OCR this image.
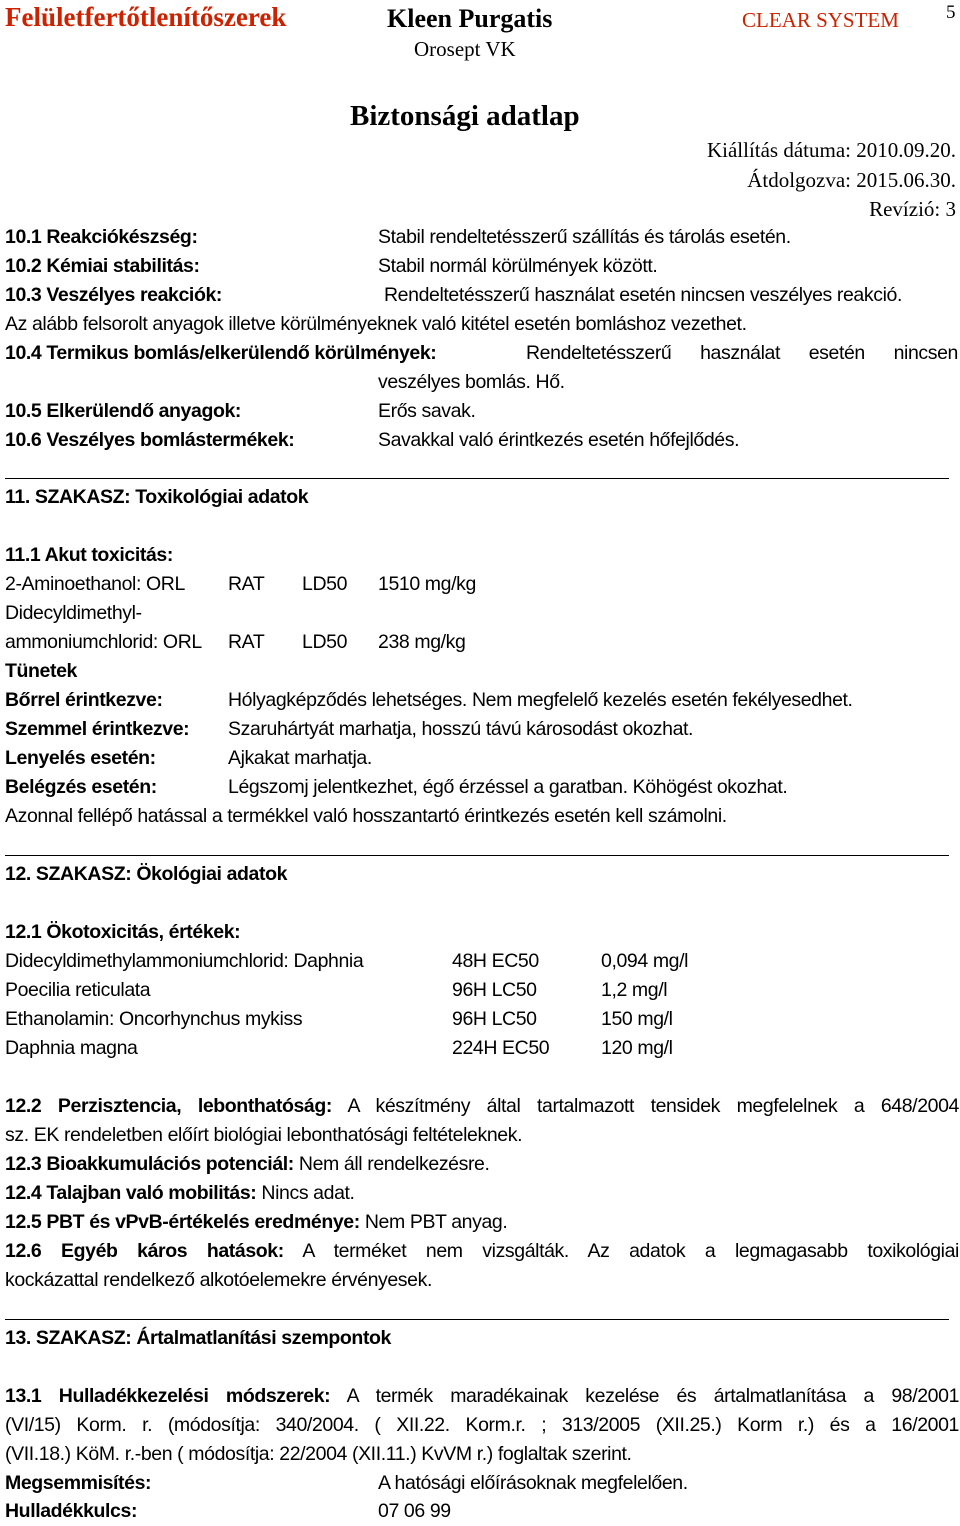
Felületfertőtlenítőszerek	Kleen Purgatis
Orosept VK
CLEAR SYSTEM 5
Biztonsági adatlap
Kiállítás dátuma: 2010.09.20.
Átdolgozva: 2015.06.30.
Revízió: 3
10.1 Reakciókészség:	Stabil rendeltetésszerű szállítás és tárolás esetén.
10.2 Kémiai stabilitás:	Stabil normál körülmények között.
10.3 Veszélyes reakciók:	Rendeltetésszerű használat esetén nincsen veszélyes reakció.
Az alább felsorolt anyagok illetve körülményeknek való kitétel esetén bomláshoz vezethet.
10.4 Termikus bomlás/elkerülendő körülmények:	Rendeltetésszerű használat esetén nincsen
veszélyes bomlás. Hő.
10.5 Elkerülendő anyagok:	Erős savak.
10.6 Veszélyes bomlástermékek:	Savakkal való érintkezés esetén hőfejlődés.
11. SZAKASZ: Toxikológiai adatok
11.1 Akut toxicitás:
2-Aminoethanol: ORL RAT LD50 1510 mg/kg
Didecyldimethyl-
ammoniumchlorid: ORL RAT LD50 238 mg/kg
Tünetek
Bőrrel érintkezve:	Hólyagképződés lehetséges. Nem megfelelő kezelés esetén fekélyesedhet.
Szemmel érintkezve: Szaruhártyát marhatja, hosszú távú károsodást okozhat.
Lenyelés esetén:	Ajkakat marhatja.
Belégzés esetén:	Légszomj jelentkezhet, égő érzéssel a garatban. Köhögést okozhat.
Azonnal fellépő hatással a termékkel való hosszantartó érintkezés esetén kell számolni.
12. SZAKASZ: Ökológiai adatok
12.1 Ökotoxicitás, értékek:
Didecyldimethylammoniumchlorid: Daphnia	48H EC50	0,094 mg/l
Poecilia reticulata	96H LC50	1,2 mg/l
Ethanolamin: Oncorhynchus mykiss	96H LC50	150 mg/l
Daphnia magna	224H EC50	120 mg/l
12.2 Perzisztencia, lebonthatóság: A készítmény által tartalmazott tensidek megfelelnek a 648/2004
sz. EK rendeletben előírt biológiai lebonthatósági feltételeknek.
12.3 Bioakkumulációs potenciál: Nem áll rendelkezésre.
12.4 Talajban való mobilitás: Nincs adat.
12.5 PBT és vPvB-értékelés eredménye: Nem PBT anyag.
12.6 Egyéb káros hatások: A terméket nem vizsgálták. Az adatok a legmagasabb toxikológiai
kockázattal rendelkező alkotóelemekre érvényesek.
13. SZAKASZ: Ártalmatlanítási szempontok
13.1 Hulladékkezelési módszerek: A termék maradékainak kezelése és ártalmatlanítása a 98/2001
(VI/15) Korm. r. (módosítja: 340/2004. ( XII.22. Korm.r. ; 313/2005 (XII.25.) Korm r.) és a 16/2001
(VII.18.) KöM. r.-ben ( módosítja: 22/2004 (XII.11.) KvVM r.) foglaltak szerint.
Megsemmisítés:	A hatósági előírásoknak megfelelően.
Hulladékkulcs:	07 06 99
